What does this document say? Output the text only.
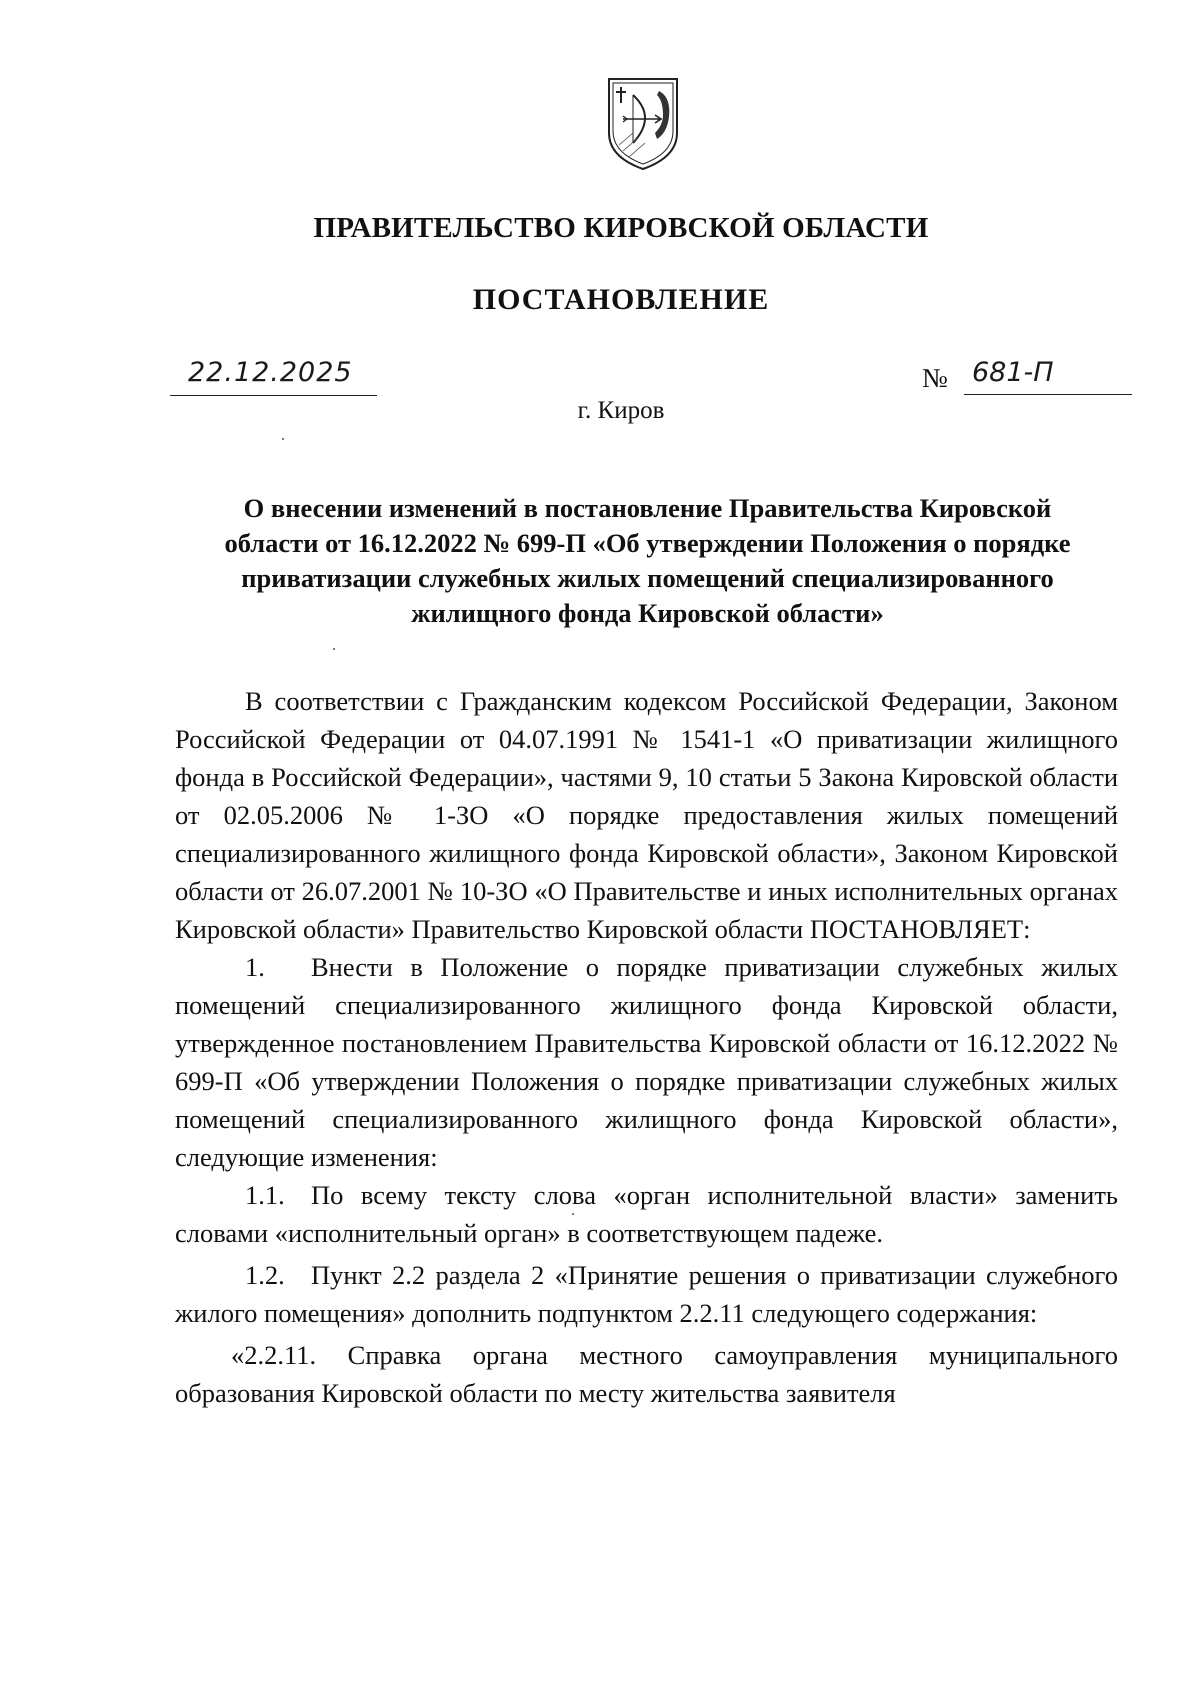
ПРАВИТЕЛЬСТВО КИРОВСКОЙ ОБЛАСТИ
ПОСТАНОВЛЕНИЕ
22.12.2025	№ 681-П

г. Киров

О внесении изменений в постановление Правительства Кировской
области от 16.12.2022 № 699-П «Об утверждении Положения о порядке
приватизации служебных жилых помещений специализированного
жилищного фонда Кировской области»

В соответствии с Гражданским кодексом Российской Федерации, Законом Российской Федерации от 04.07.1991 № 1541-1 «О приватизации жилищного фонда в Российской Федерации», частями 9, 10 статьи 5 Закона Кировской области от 02.05.2006 № 1-ЗО «О порядке предоставления жилых помещений специализированного жилищного фонда Кировской области», Законом Кировской области от 26.07.2001 № 10-ЗО «О Правительстве и иных исполнительных органах Кировской области» Правительство Кировской области ПОСТАНОВЛЯЕТ:

1. Внести в Положение о порядке приватизации служебных жилых помещений специализированного жилищного фонда Кировской области, утвержденное постановлением Правительства Кировской области от 16.12.2022 № 699-П «Об утверждении Положения о порядке приватизации служебных жилых помещений специализированного жилищного фонда Кировской области», следующие изменения:

1.1. По всему тексту слова «орган исполнительной власти» заменить словами «исполнительный орган» в соответствующем падеже.

1.2. Пункт 2.2 раздела 2 «Принятие решения о приватизации служебного жилого помещения» дополнить подпунктом 2.2.11 следующего содержания:

«2.2.11. Справка органа местного самоуправления муниципального образования Кировской области по месту жительства заявителя
